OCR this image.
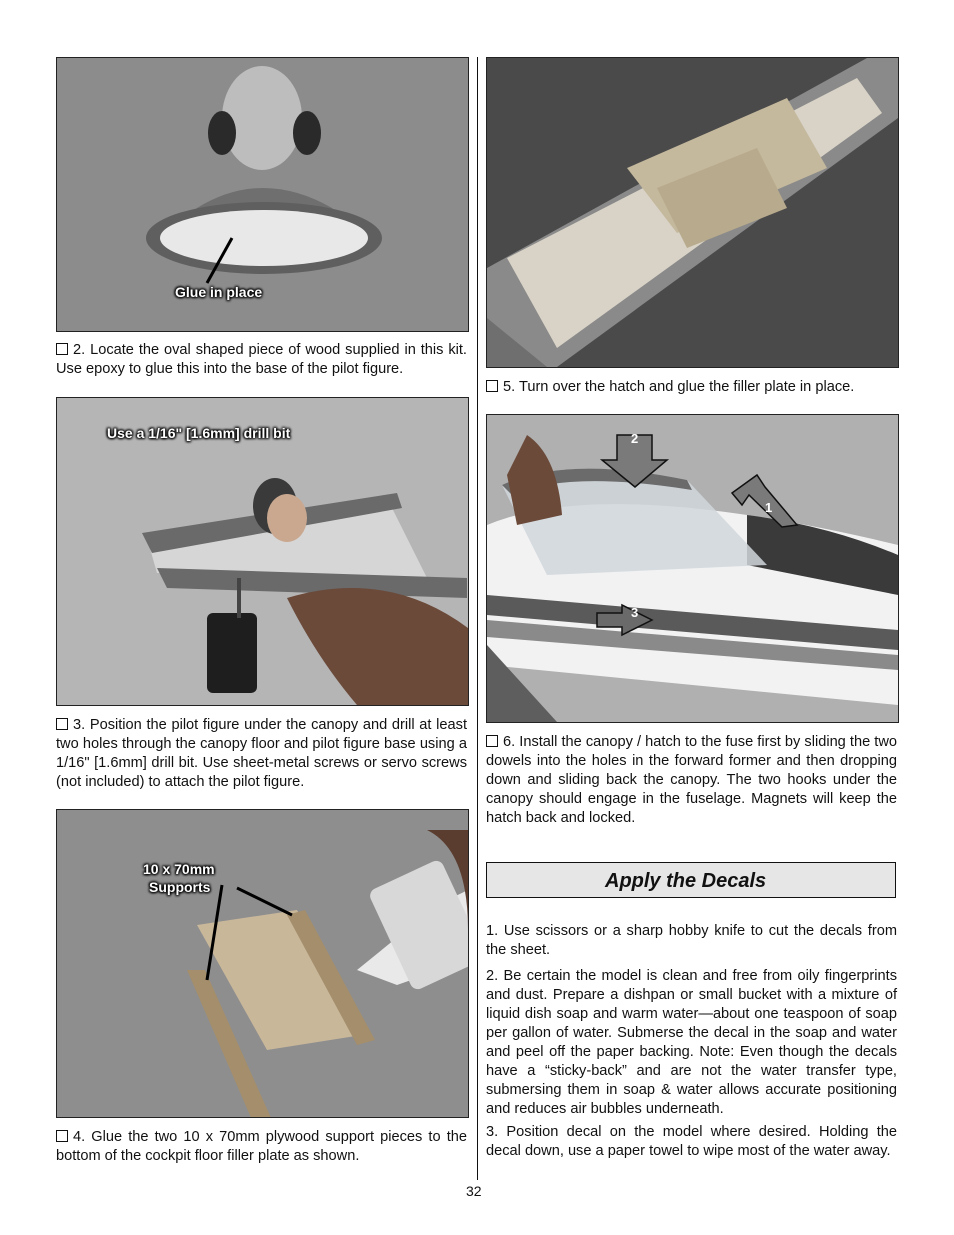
Glue in place
2. Locate the oval shaped piece of wood supplied in this kit. Use epoxy to glue this into the base of the pilot figure.
Use a 1/16" [1.6mm] drill bit
3. Position the pilot figure under the canopy and drill at least two holes through the canopy floor and pilot figure base using a 1/16" [1.6mm] drill bit. Use sheet-metal screws or servo screws (not included) to attach the pilot figure.
10 x 70mm
Supports
4. Glue the two 10 x 70mm plywood support pieces to the bottom of the cockpit floor filler plate as shown.
5. Turn over the hatch and glue the filler plate in place.
1
2
3
6. Install the canopy / hatch to the fuse first by sliding the two dowels into the holes in the forward former and then dropping down and sliding back the canopy. The two hooks under the canopy should engage in the fuselage. Magnets will keep the hatch back and locked.
Apply the Decals
1. Use scissors or a sharp hobby knife to cut the decals from the sheet.
2. Be certain the model is clean and free from oily fingerprints and dust. Prepare a dishpan or small bucket with a mixture of liquid dish soap and warm water—about one teaspoon of soap per gallon of water. Submerse the decal in the soap and water and peel off the paper backing. Note: Even though the decals have a “sticky-back” and are not the water transfer type, submersing them in soap & water allows accurate positioning and reduces air bubbles underneath.
3. Position decal on the model where desired. Holding the decal down, use a paper towel to wipe most of the water away.
32
